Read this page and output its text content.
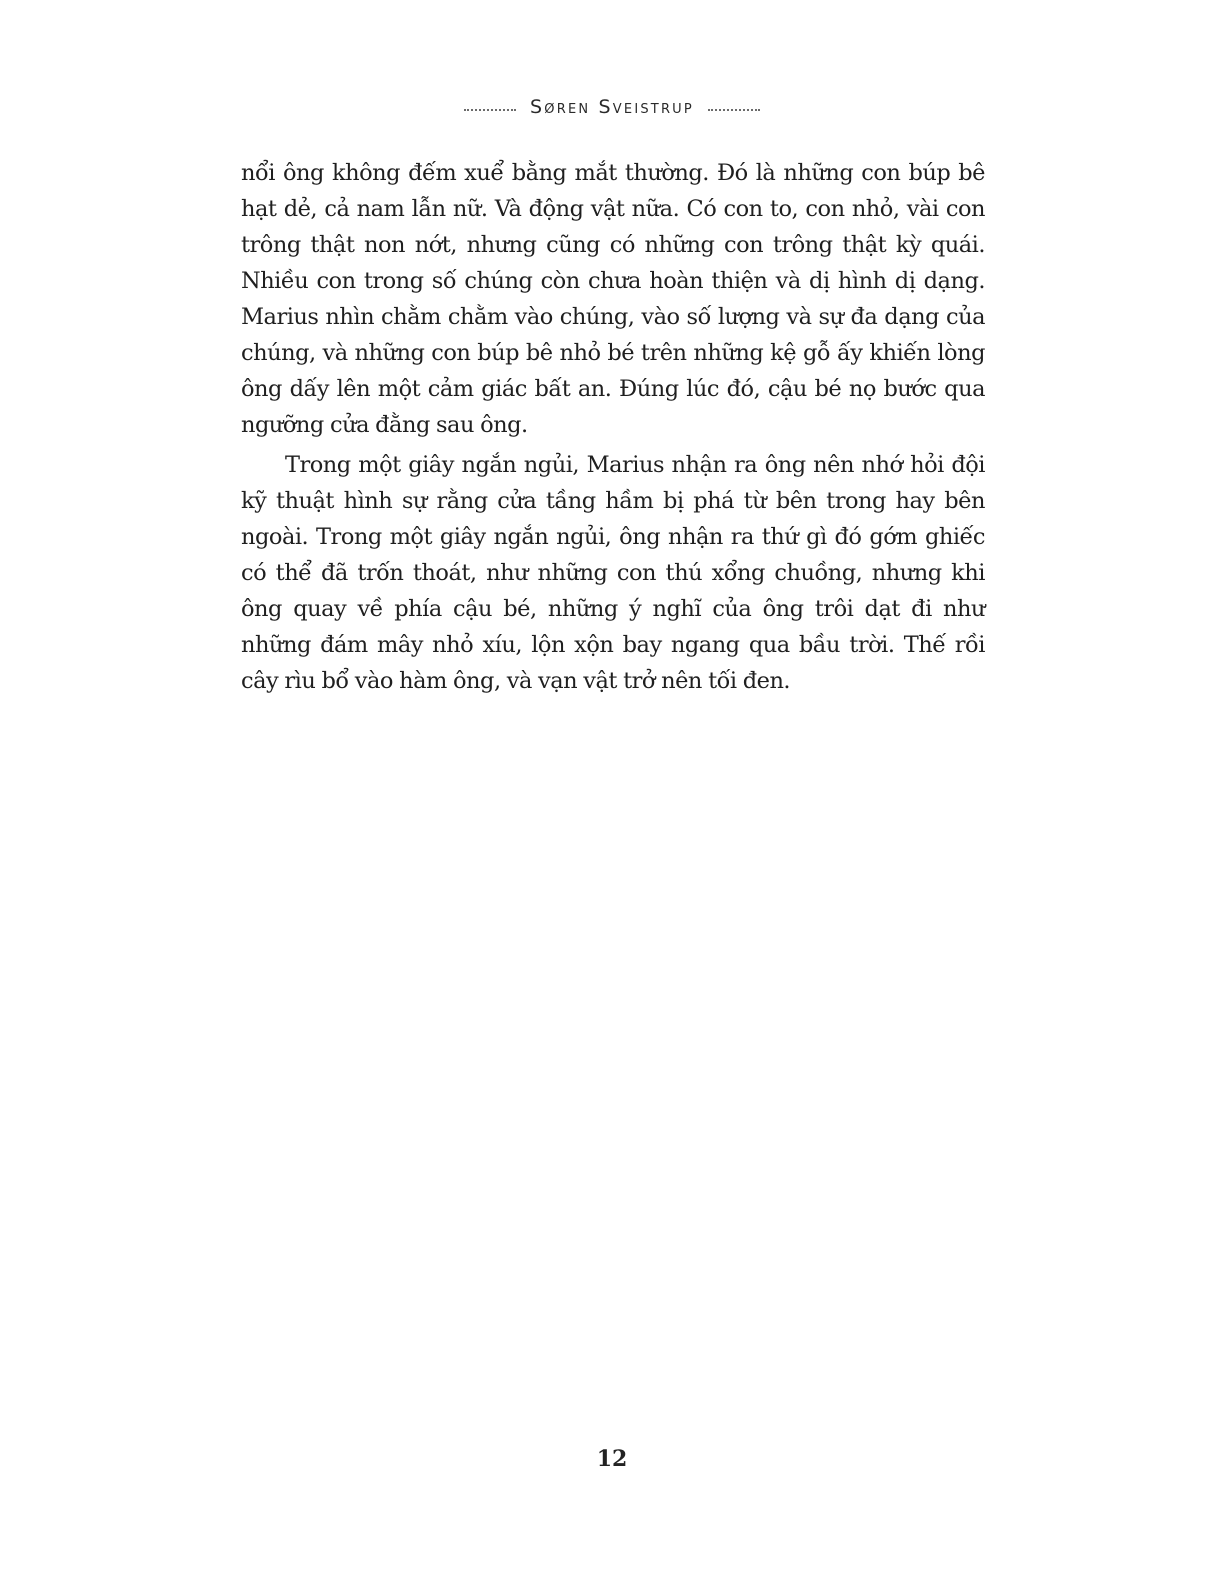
Søren Sveistrup

nổi ông không đếm xuể bằng mắt thường. Đó là những con búp bê hạt dẻ, cả nam lẫn nữ. Và động vật nữa. Có con to, con nhỏ, vài con trông thật non nớt, nhưng cũng có những con trông thật kỳ quái. Nhiều con trong số chúng còn chưa hoàn thiện và dị hình dị dạng. Marius nhìn chằm chằm vào chúng, vào số lượng và sự đa dạng của chúng, và những con búp bê nhỏ bé trên những kệ gỗ ấy khiến lòng ông dấy lên một cảm giác bất an. Đúng lúc đó, cậu bé nọ bước qua ngưỡng cửa đằng sau ông.

Trong một giây ngắn ngủi, Marius nhận ra ông nên nhớ hỏi đội kỹ thuật hình sự rằng cửa tầng hầm bị phá từ bên trong hay bên ngoài. Trong một giây ngắn ngủi, ông nhận ra thứ gì đó gớm ghiếc có thể đã trốn thoát, như những con thú xổng chuồng, nhưng khi ông quay về phía cậu bé, những ý nghĩ của ông trôi dạt đi như những đám mây nhỏ xíu, lộn xộn bay ngang qua bầu trời. Thế rồi cây rìu bổ vào hàm ông, và vạn vật trở nên tối đen.

12
